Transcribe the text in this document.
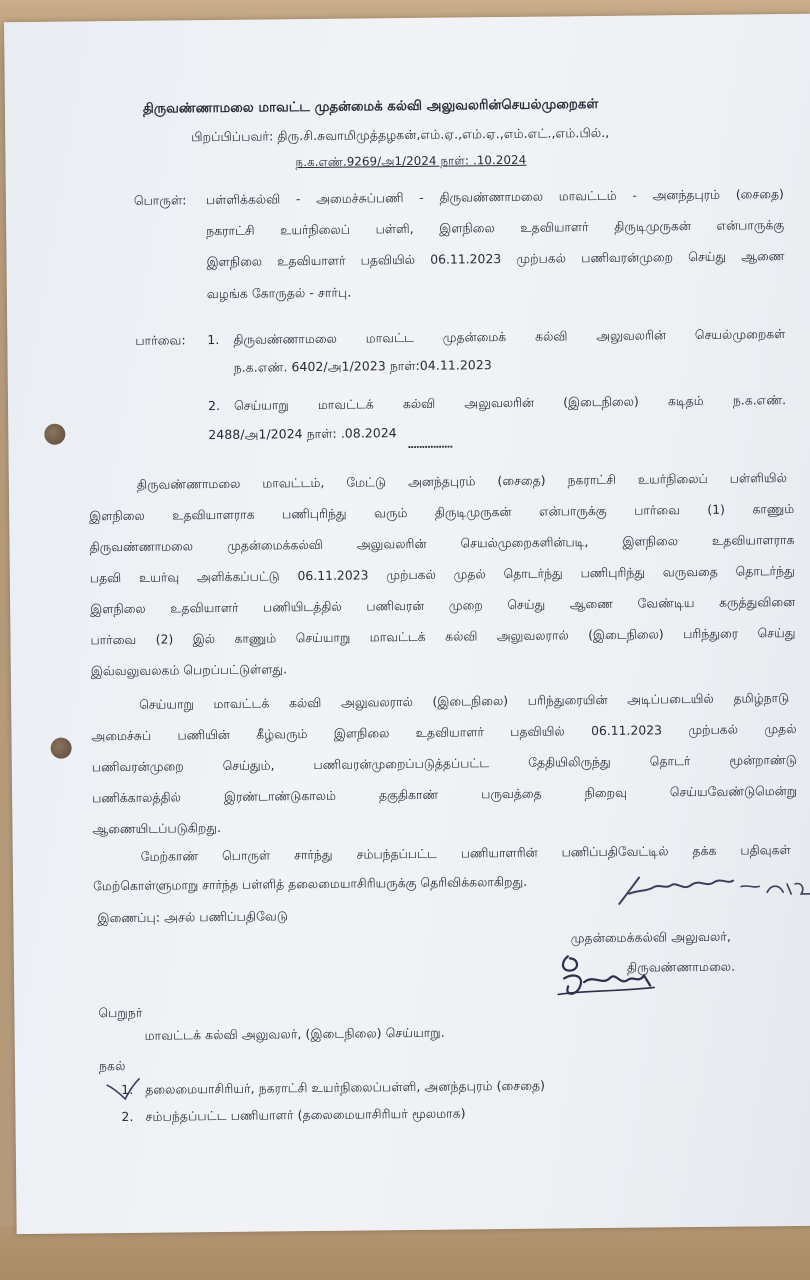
திருவண்ணாமலை மாவட்ட முதன்மைக் கல்வி அலுவலரின்செயல்முறைகள்
பிறப்பிப்பவர்: திரு.சி.சுவாமிமுத்தழகன்,எம்.ஏ.,எம்.ஏ.,எம்.எட்.,எம்.பில்.,
ந.க.எண்.9269/அ1/2024 நாள்: .10.2024
பொருள்: பள்ளிக்கல்வி - அமைச்சுப்பணி - திருவண்ணாமலை மாவட்டம் - அனந்தபுரம் (சைதை)
நகராட்சி உயர்நிலைப் பள்ளி, இளநிலை உதவியாளர் திருடிமுருகன் என்பாருக்கு
இளநிலை உதவியாளர் பதவியில் 06.11.2023 முற்பகல் பணிவரன்முறை செய்து ஆணை
வழங்க கோருதல் - சார்பு.
பார்வை: 1. திருவண்ணாமலை மாவட்ட முதன்மைக் கல்வி அலுவலரின் செயல்முறைகள்
ந.க.எண். 6402/அ1/2023 நாள்:04.11.2023
2. செய்யாறு மாவட்டக் கல்வி அலுவலரின் (இடைநிலை) கடிதம் ந.க.எண்.
2488/அ1/2024 நாள்: .08.2024
................
திருவண்ணாமலை மாவட்டம், மேட்டு அனந்தபுரம் (சைதை) நகராட்சி உயர்நிலைப் பள்ளியில்
இளநிலை உதவியாளராக பணிபுரிந்து வரும் திருடிமுருகன் என்பாருக்கு பார்வை (1) காணும்
திருவண்ணாமலை முதன்மைக்கல்வி அலுவலரின் செயல்முறைகளின்படி, இளநிலை உதவியாளராக
பதவி உயர்வு அளிக்கப்பட்டு 06.11.2023 முற்பகல் முதல் தொடர்ந்து பணிபுரிந்து வருவதை தொடர்ந்து
இளநிலை உதவியாளர் பணியிடத்தில் பணிவரன் முறை செய்து ஆணை வேண்டிய கருத்துவினை
பார்வை (2) இல் காணும் செய்யாறு மாவட்டக் கல்வி அலுவலரால் (இடைநிலை) பரிந்துரை செய்து
இவ்வலுவலகம் பெறப்பட்டுள்ளது.
செய்யாறு மாவட்டக் கல்வி அலுவலரால் (இடைநிலை) பரிந்துரையின் அடிப்படையில் தமிழ்நாடு
அமைச்சுப் பணியின் கீழ்வரும் இளநிலை உதவியாளர் பதவியில் 06.11.2023 முற்பகல் முதல்
பணிவரன்முறை செய்தும், பணிவரன்முறைப்படுத்தப்பட்ட தேதியிலிருந்து தொடர் மூன்றாண்டு
பணிக்காலத்தில் இரண்டாண்டுகாலம் தகுதிகாண் பருவத்தை நிறைவு செய்யவேண்டுமென்று
ஆணையிடப்படுகிறது.
மேற்காண் பொருள் சார்ந்து சம்பந்தப்பட்ட பணியாளரின் பணிப்பதிவேட்டில் தக்க பதிவுகள்
மேற்கொள்ளுமாறு சார்ந்த பள்ளித் தலைமையாசிரியருக்கு தெரிவிக்கலாகிறது.
இணைப்பு: அசல் பணிப்பதிவேடு
முதன்மைக்கல்வி அலுவலர்,
திருவண்ணாமலை.
பெறுநர்
மாவட்டக் கல்வி அலுவலர், (இடைநிலை) செய்யாறு.
நகல்
1. தலைமையாசிரியர், நகராட்சி உயர்நிலைப்பள்ளி, அனந்தபுரம் (சைதை)
2. சம்பந்தப்பட்ட பணியாளர் (தலைமையாசிரியர் மூலமாக)
